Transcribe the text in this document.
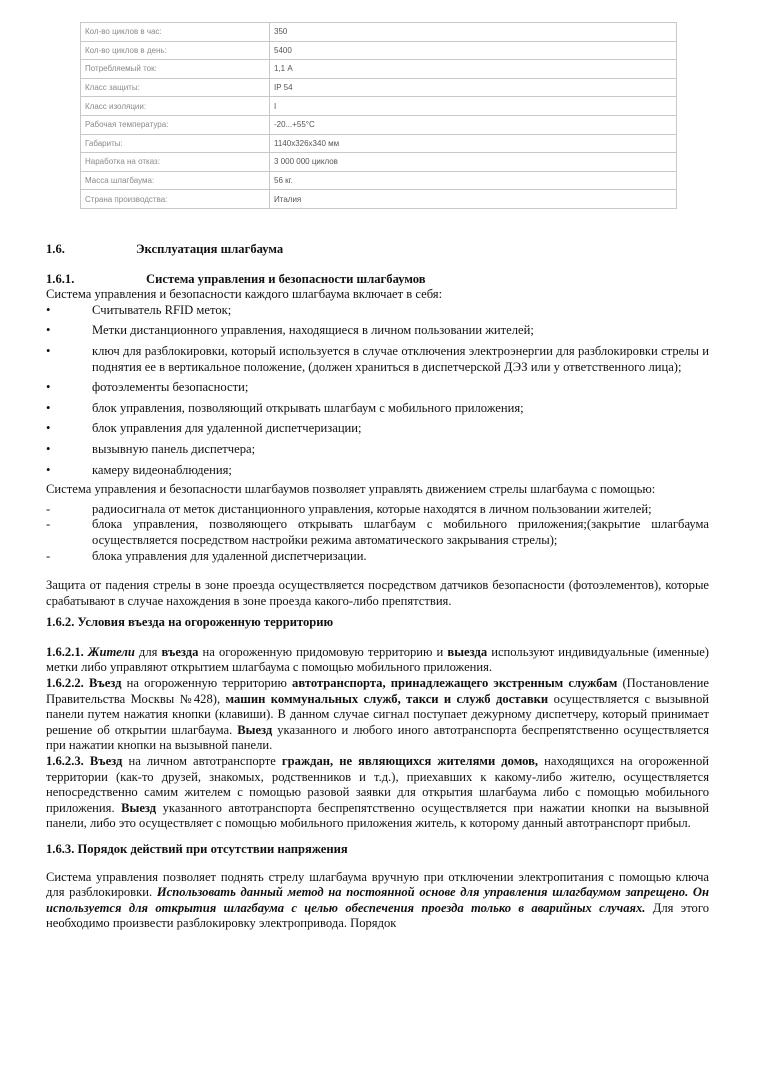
Кол-во циклов в час:	350
Кол-во циклов в день:	5400
Потребляемый ток:	1,1 А
Класс защиты:	IP 54
Класс изоляции:	I
Рабочая температура:	-20...+55°C
Габариты:	1140x326x340 мм
Наработка на отказ:	3 000 000 циклов
Масса шлагбаума:	56 кг.
Страна производства:	Италия
1.6.	Эксплуатация шлагбаума
1.6.1.	Система управления и безопасности шлагбаумов

Система управления и безопасности каждого шлагбаума включает в себя:

•	Считыватель RFID меток;
•	Метки дистанционного управления, находящиеся в личном пользовании жителей;
•	ключ для разблокировки, который используется в случае отключения электроэнергии для разблокировки стрелы и поднятия ее в вертикальное положение, (должен храниться в диспетчерской ДЭЗ или у ответственного лица);
•	фотоэлементы безопасности;
•	блок управления, позволяющий открывать шлагбаум с мобильного приложения;
•	блок управления для удаленной диспетчеризации;
•	вызывную панель диспетчера;
•	камеру видеонаблюдения;

Система управления и безопасности шлагбаумов позволяет управлять движением стрелы шлагбаума с помощью:

-	радиосигнала от меток дистанционного управления, которые находятся в личном пользовании жителей;
-	блока управления, позволяющего открывать шлагбаум с мобильного приложения;(закрытие шлагбаума осуществляется посредством настройки режима автоматического закрывания стрелы);
-	блока управления для удаленной диспетчеризации.

Защита от падения стрелы в зоне проезда осуществляется посредством датчиков безопасности (фотоэлементов), которые срабатывают в случае нахождения в зоне проезда какого-либо препятствия.

1.6.2. Условия въезда на огороженную территорию

1.6.2.1. Жители для въезда на огороженную придомовую территорию и выезда используют индивидуальные (именные) метки либо управляют открытием шлагбаума с помощью мобильного приложения.

1.6.2.2. Въезд на огороженную территорию автотранспорта, принадлежащего экстренным службам (Постановление Правительства Москвы №428), машин коммунальных служб, такси и служб доставки осуществляется с вызывной панели путем нажатия кнопки (клавиши). В данном случае сигнал поступает дежурному диспетчеру, который принимает решение об открытии шлагбаума. Выезд указанного и любого иного автотранспорта беспрепятственно осуществляется при нажатии кнопки на вызывной панели.

1.6.2.3. Въезд на личном автотранспорте граждан, не являющихся жителями домов, находящихся на огороженной территории (как-то друзей, знакомых, родственников и т.д.), приехавших к какому-либо жителю, осуществляется непосредственно самим жителем с помощью разовой заявки для открытия шлагбаума либо с помощью мобильного приложения. Выезд указанного автотранспорта беспрепятственно осуществляется при нажатии кнопки на вызывной панели, либо это осуществляет с помощью мобильного приложения житель, к которому данный автотранспорт прибыл.

1.6.3. Порядок действий при отсутствии напряжения

Система управления позволяет поднять стрелу шлагбаума вручную при отключении электропитания с помощью ключа для разблокировки. Использовать данный метод на постоянной основе для управления шлагбаумом запрещено. Он используется для открытия шлагбаума с целью обеспечения проезда только в аварийных случаях. Для этого необходимо произвести разблокировку электропривода. Порядок
